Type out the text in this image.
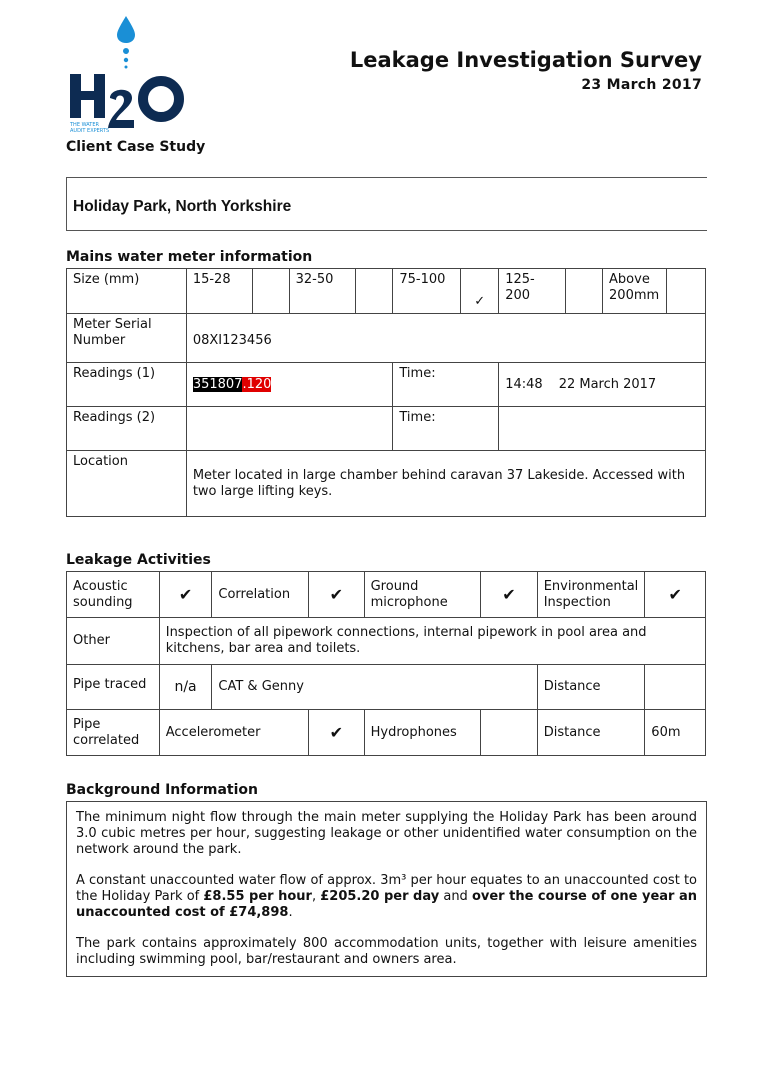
THE WATER
AUDIT EXPERTS
Leakage Investigation Survey
23 March 2017
Client Case Study
Holiday Park, North Yorkshire
Mains water meter information
Size (mm)	15-28		32-50		75-100	✓	125-200		Above 200mm	
Meter Serial Number	08XI123456									
Readings (1)	351807.120				Time:		14:48 22 March 2017			
Readings (2)					Time:					
Location	Meter located in large chamber behind caravan 37 Lakeside. Accessed with two large lifting keys.									
Leakage Activities
Acoustic sounding	✔	Correlation	✔	Ground microphone	✔	Environmental Inspection	✔
Other	Inspection of all pipework connections, internal pipework in pool area and kitchens, bar area and toilets.						
Pipe traced	n/a	CAT & Genny				Distance	
Pipe correlated	Accelerometer		✔	Hydrophones		Distance	60m
Background Information

The minimum night flow through the main meter supplying the Holiday Park has been around 3.0 cubic metres per hour, suggesting leakage or other unidentified water consumption on the network around the park.

A constant unaccounted water flow of approx. 3m³ per hour equates to an unaccounted cost to the Holiday Park of £8.55 per hour, £205.20 per day and over the course of one year an unaccounted cost of £74,898.

The park contains approximately 800 accommodation units, together with leisure amenities including swimming pool, bar/restaurant and owners area.
